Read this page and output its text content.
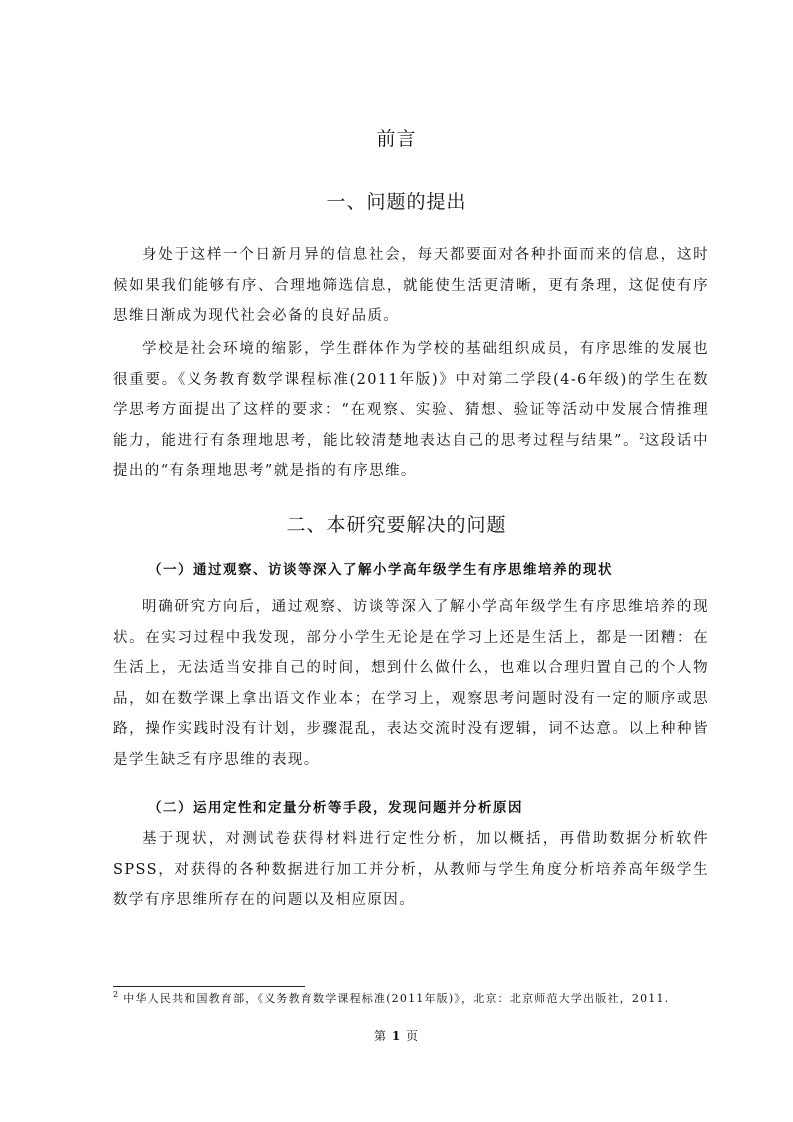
前言
一、问题的提出

身处于这样一个日新月异的信息社会，每天都要面对各种扑面而来的信息，这时候如果我们能够有序、合理地筛选信息，就能使生活更清晰，更有条理，这促使有序思维日渐成为现代社会必备的良好品质。

学校是社会环境的缩影，学生群体作为学校的基础组织成员，有序思维的发展也很重要。《义务教育数学课程标准(2011年版)》中对第二学段(4-6年级)的学生在数学思考方面提出了这样的要求：“在观察、实验、猜想、验证等活动中发展合情推理能力，能进行有条理地思考，能比较清楚地表达自己的思考过程与结果”。$^2$这段话中提出的“有条理地思考”就是指的有序思维。

二、本研究要解决的问题
（一）通过观察、访谈等深入了解小学高年级学生有序思维培养的现状

明确研究方向后，通过观察、访谈等深入了解小学高年级学生有序思维培养的现状。在实习过程中我发现，部分小学生无论是在学习上还是生活上，都是一团糟：在生活上，无法适当安排自己的时间，想到什么做什么，也难以合理归置自己的个人物品，如在数学课上拿出语文作业本；在学习上，观察思考问题时没有一定的顺序或思路，操作实践时没有计划，步骤混乱，表达交流时没有逻辑，词不达意。以上种种皆是学生缺乏有序思维的表现。

（二）运用定性和定量分析等手段，发现问题并分析原因

基于现状，对测试卷获得材料进行定性分析，加以概括，再借助数据分析软件SPSS，对获得的各种数据进行加工并分析，从教师与学生角度分析培养高年级学生数学有序思维所存在的问题以及相应原因。

$^2$ 中华人民共和国教育部，《义务教育数学课程标准(2011年版)》，北京：北京师范大学出版社，2011.
第 1 页
